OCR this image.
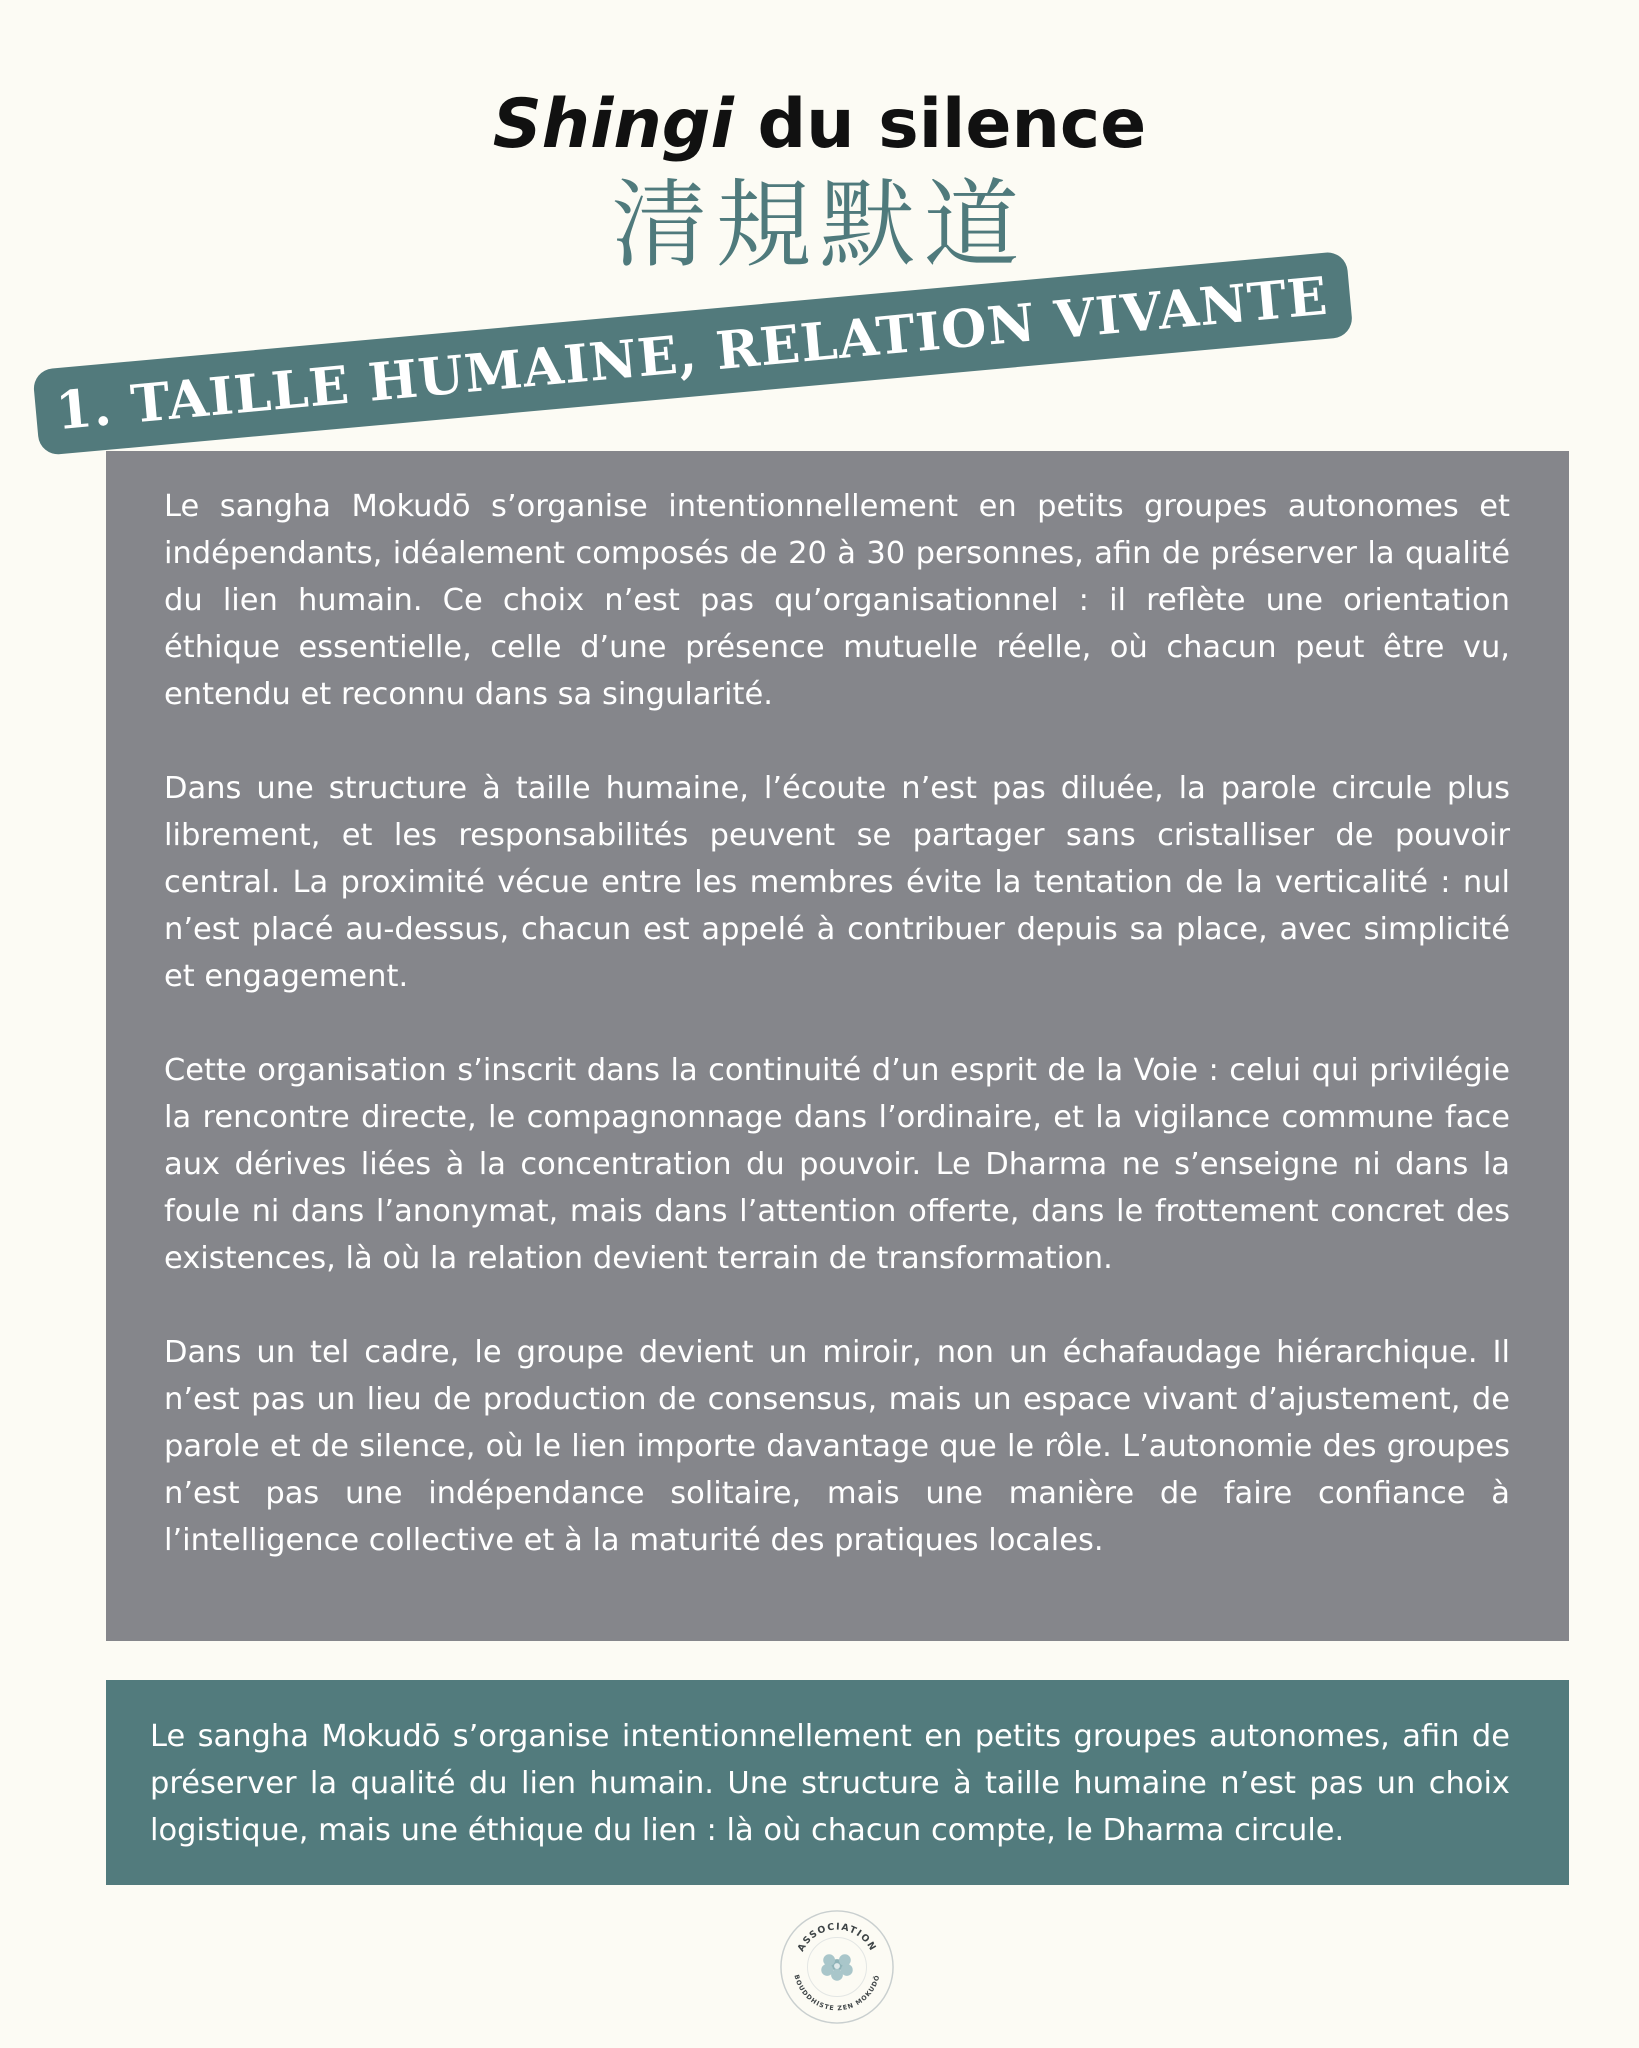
Shingi du silence
清規默道

Le sangha Mokudō s’organise intentionnellement en petits groupes autonomes et indépendants, idéalement composés de 20 à 30 personnes, afin de préserver la qualité du lien humain. Ce choix n’est pas qu’organisationnel : il reflète une orientation éthique essentielle, celle d’une présence mutuelle réelle, où chacun peut être vu, entendu et reconnu dans sa singularité.

Dans une structure à taille humaine, l’écoute n’est pas diluée, la parole circule plus librement, et les responsabilités peuvent se partager sans cristalliser de pouvoir central. La proximité vécue entre les membres évite la tentation de la verticalité : nul n’est placé au-dessus, chacun est appelé à contribuer depuis sa place, avec simplicité et engagement.

Cette organisation s’inscrit dans la continuité d’un esprit de la Voie : celui qui privilégie la rencontre directe, le compagnonnage dans l’ordinaire, et la vigilance commune face aux dérives liées à la concentration du pouvoir. Le Dharma ne s’enseigne ni dans la foule ni dans l’anonymat, mais dans l’attention offerte, dans le frottement concret des existences, là où la relation devient terrain de transformation.

Dans un tel cadre, le groupe devient un miroir, non un échafaudage hiérarchique. Il n’est pas un lieu de production de consensus, mais un espace vivant d’ajustement, de parole et de silence, où le lien importe davantage que le rôle. L’autonomie des groupes n’est pas une indépendance solitaire, mais une manière de faire confiance à l’intelligence collective et à la maturité des pratiques locales.

1. TAILLE HUMAINE, RELATION VIVANTE

Le sangha Mokudō s’organise intentionnellement en petits groupes autonomes, afin de préserver la qualité du lien humain. Une structure à taille humaine n’est pas un choix logistique, mais une éthique du lien : là où chacun compte, le Dharma circule.

ASSOCIATION
BOUDDHISTE ZEN MOKUDŌ
